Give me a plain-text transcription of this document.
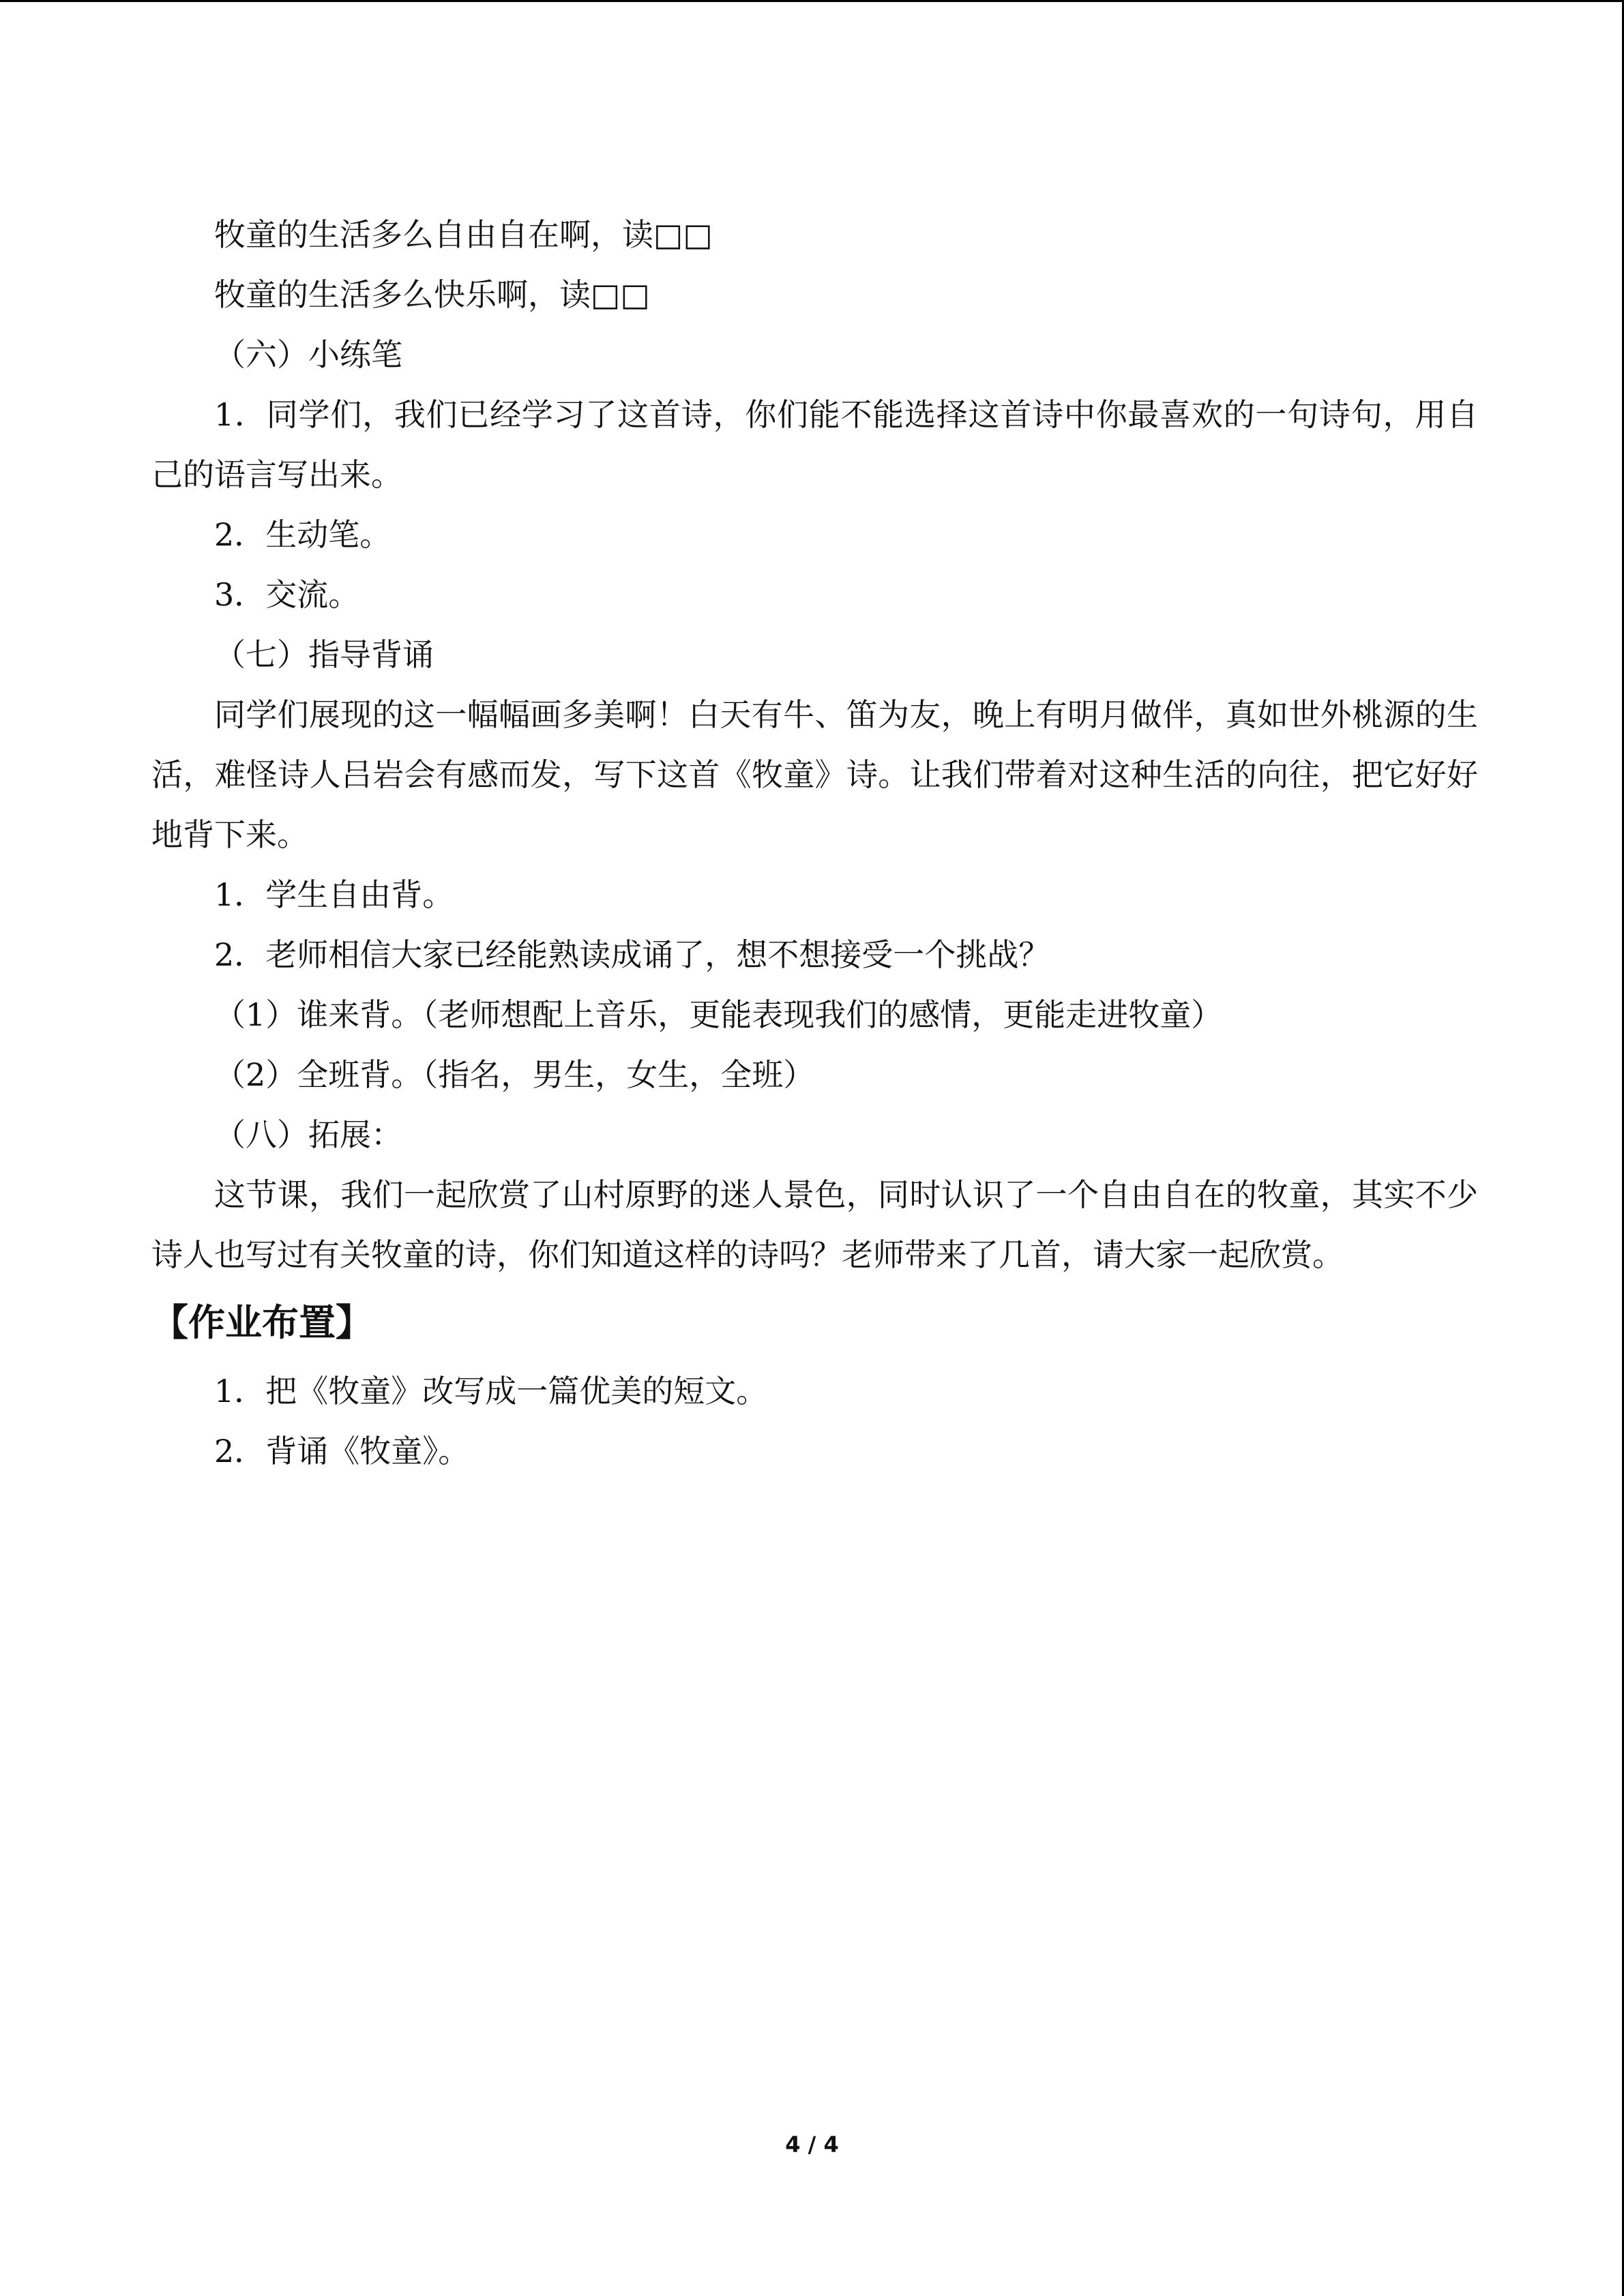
牧童的生活多么自由自在啊，读□□

牧童的生活多么快乐啊，读□□

（六）小练笔

1．同学们，我们已经学习了这首诗，你们能不能选择这首诗中你最喜欢的一句诗句，用自己的语言写出来。

2．生动笔。

3．交流。

（七）指导背诵

同学们展现的这一幅幅画多美啊！白天有牛、笛为友，晚上有明月做伴，真如世外桃源的生活，难怪诗人吕岩会有感而发，写下这首《牧童》诗。让我们带着对这种生活的向往，把它好好地背下来。

1．学生自由背。

2．老师相信大家已经能熟读成诵了，想不想接受一个挑战？

（1）谁来背。（老师想配上音乐，更能表现我们的感情，更能走进牧童）

（2）全班背。（指名，男生，女生，全班）

（八）拓展：

这节课，我们一起欣赏了山村原野的迷人景色，同时认识了一个自由自在的牧童，其实不少诗人也写过有关牧童的诗，你们知道这样的诗吗？老师带来了几首，请大家一起欣赏。

【作业布置】

1．把《牧童》改写成一篇优美的短文。

2．背诵《牧童》。

4 / 4
